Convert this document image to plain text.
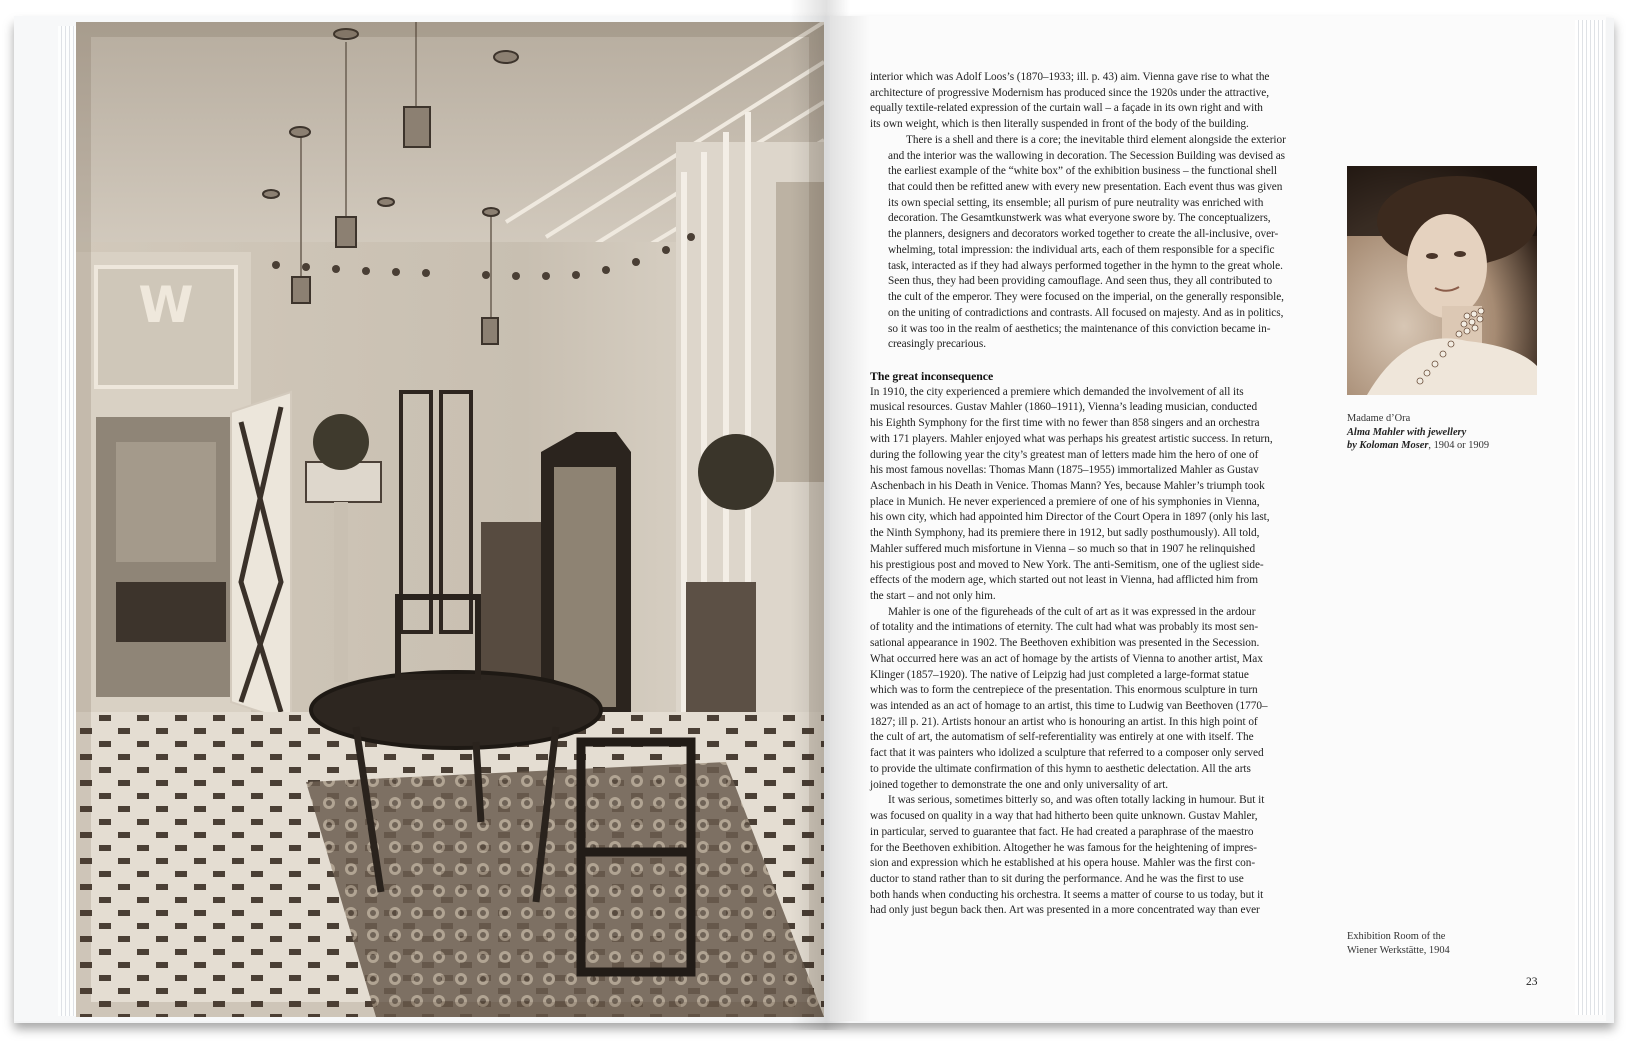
W

interior which was Adolf Loos’s (1870–1933; ill. p. 43) aim. Vienna gave rise to what the
architecture of progressive Modernism has produced since the 1920s under the attractive,
equally textile-related expression of the curtain wall – a façade in its own right and with
its own weight, which is then literally suspended in front of the body of the building.

There is a shell and there is a core; the inevitable third element alongside the exterior
and the interior was the wallowing in decoration. The Secession Building was devised as
the earliest example of the “white box” of the exhibition business – the functional shell
that could then be refitted anew with every new presentation. Each event thus was given
its own special setting, its ensemble; all purism of pure neutrality was enriched with
decoration. The Gesamtkunstwerk was what everyone swore by. The conceptualizers,
the planners, designers and decorators worked together to create the all-inclusive, over-
whelming, total impression: the individual arts, each of them responsible for a specific
task, interacted as if they had always performed together in the hymn to the great whole.
Seen thus, they had been providing camouflage. And seen thus, they all contributed to
the cult of the emperor. They were focused on the imperial, on the generally responsible,
on the uniting of contradictions and contrasts. All focused on majesty. And as in politics,
so it was too in the realm of aesthetics; the maintenance of this conviction became in-
creasingly precarious.

The great inconsequence

In 1910, the city experienced a premiere which demanded the involvement of all its
musical resources. Gustav Mahler (1860–1911), Vienna’s leading musician, conducted
his Eighth Symphony for the first time with no fewer than 858 singers and an orchestra
with 171 players. Mahler enjoyed what was perhaps his greatest artistic success. In return,
during the following year the city’s greatest man of letters made him the hero of one of
his most famous novellas: Thomas Mann (1875–1955) immortalized Mahler as Gustav
Aschenbach in his Death in Venice. Thomas Mann? Yes, because Mahler’s triumph took
place in Munich. He never experienced a premiere of one of his symphonies in Vienna,
his own city, which had appointed him Director of the Court Opera in 1897 (only his last,
the Ninth Symphony, had its premiere there in 1912, but sadly posthumously). All told,
Mahler suffered much misfortune in Vienna – so much so that in 1907 he relinquished
his prestigious post and moved to New York. The anti-Semitism, one of the ugliest side-
effects of the modern age, which started out not least in Vienna, had afflicted him from
the start – and not only him.

Mahler is one of the figureheads of the cult of art as it was expressed in the ardour
of totality and the intimations of eternity. The cult had what was probably its most sen-
sational appearance in 1902. The Beethoven exhibition was presented in the Secession.
What occurred here was an act of homage by the artists of Vienna to another artist, Max
Klinger (1857–1920). The native of Leipzig had just completed a large-format statue
which was to form the centrepiece of the presentation. This enormous sculpture in turn
was intended as an act of homage to an artist, this time to Ludwig van Beethoven (1770–
1827; ill p. 21). Artists honour an artist who is honouring an artist. In this high point of
the cult of art, the automatism of self-referentiality was entirely at one with itself. The
fact that it was painters who idolized a sculpture that referred to a composer only served
to provide the ultimate confirmation of this hymn to aesthetic delectation. All the arts
joined together to demonstrate the one and only universality of art.

It was serious, sometimes bitterly so, and was often totally lacking in humour. But it
was focused on quality in a way that had hitherto been quite unknown. Gustav Mahler,
in particular, served to guarantee that fact. He had created a paraphrase of the maestro
for the Beethoven exhibition. Altogether he was famous for the heightening of impres-
sion and expression which he established at his opera house. Mahler was the first con-
ductor to stand rather than to sit during the performance. And he was the first to use
both hands when conducting his orchestra. It seems a matter of course to us today, but it
had only just begun back then. Art was presented in a more concentrated way than ever

Madame d’Ora
Alma Mahler with jewellery
by Koloman Moser, 1904 or 1909
Exhibition Room of the
Wiener Werkstätte, 1904
23
